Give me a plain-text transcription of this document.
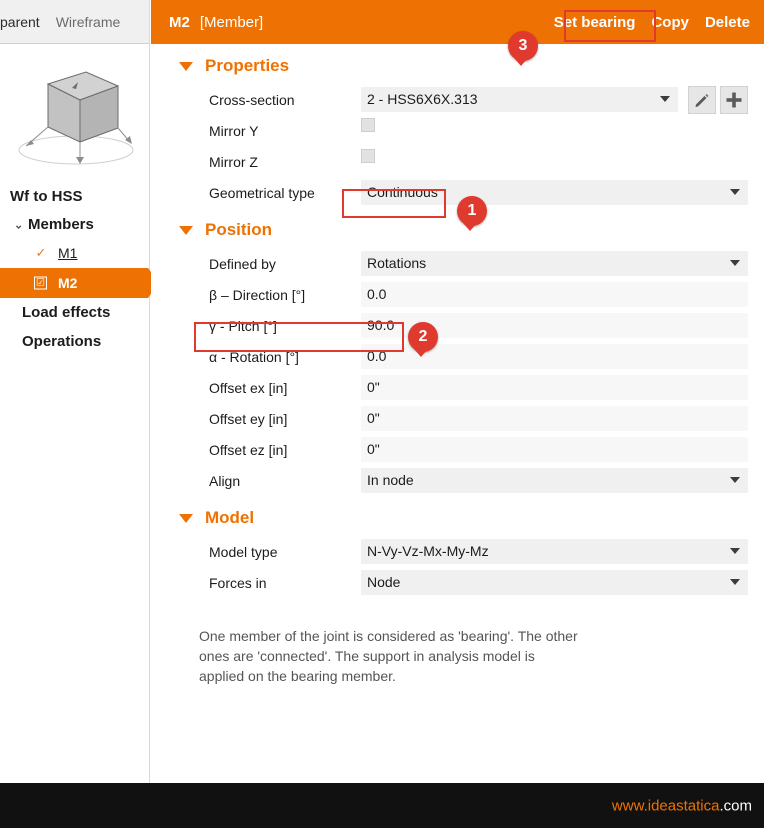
parent	Wireframe
Wf to HSS
⌄ Members
✓ M1
☑ M2
Load effects
Operations
M2 [Member]	Set bearing Copy Delete
Properties
Cross-section	2 - HSS6X6X.313
Mirror Y
Mirror Z
Geometrical type	Continuous
Position
Defined by	Rotations
β – Direction [°]	0.0
γ - Pitch [°]	90.0
α - Rotation [°]	0.0
Offset ex [in]	0"
Offset ey [in]	0"
Offset ez [in]	0"
Align	In node
Model
Model type	N-Vy-Vz-Mx-My-Mz
Forces in	Node
One member of the joint is considered as 'bearing'. The other ones are 'connected'. The support in analysis model is applied on the bearing member.
1
2
3
www.ideastatica.com
